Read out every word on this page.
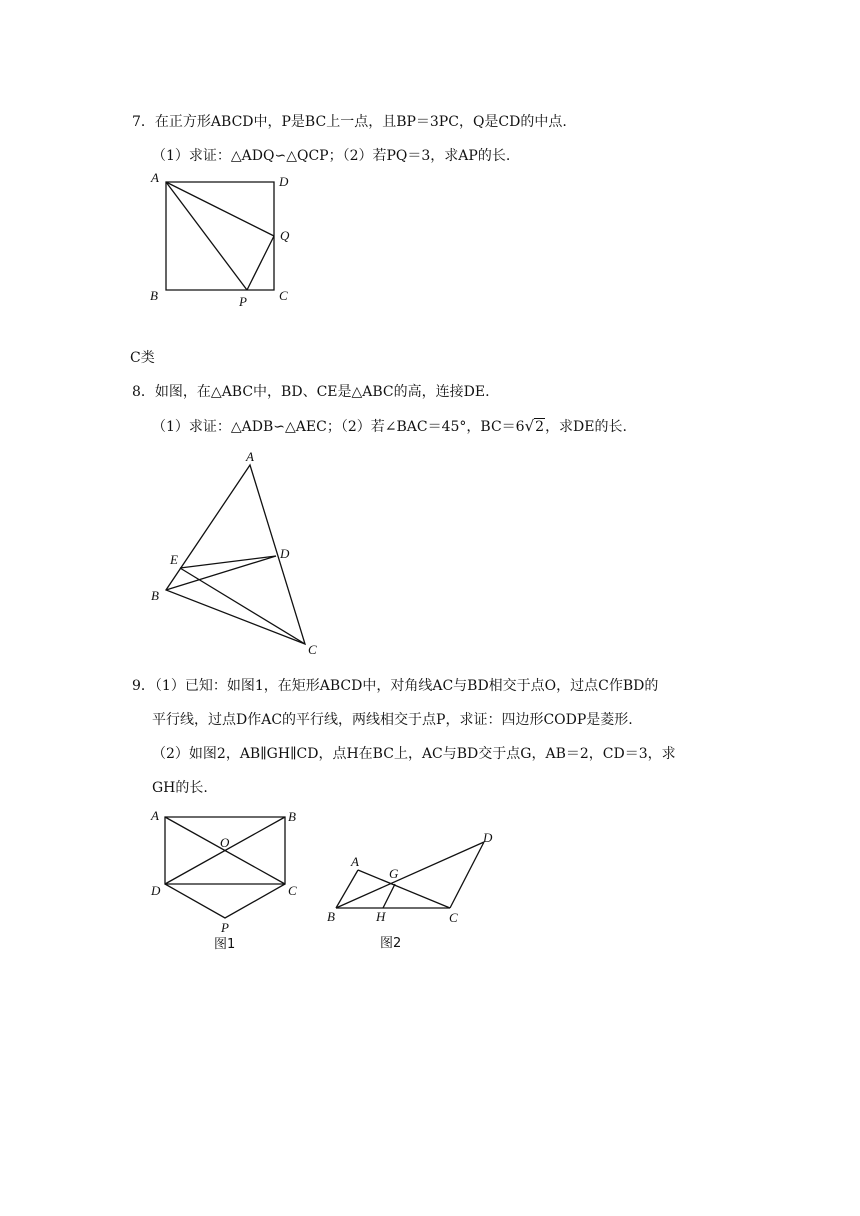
7．在正方形ABCD中，P是BC上一点，且BP＝3PC，Q是CD的中点.
（1）求证：△ADQ∽△QCP；（2）若PQ＝3，求AP的长.
A	D
Q
B	P C
C类
8．如图，在△ABC中，BD、CE是△ABC的高，连接DE.
（1）求证：△ADB∽△AEC；（2）若∠BAC＝45°，BC＝6√2，求DE的长.
A
E	D
B
C
9．（1）已知：如图1，在矩形ABCD中，对角线AC与BD相交于点O，过点C作BD的
平行线，过点D作AC的平行线，两线相交于点P，求证：四边形CODP是菱形.
（2）如图2，AB∥GH∥CD，点H在BC上，AC与BD交于点G，AB＝2，CD＝3，求
GH的长.
A	B
O
D	C
P
图1
A
G
D
B	H	C
图2
